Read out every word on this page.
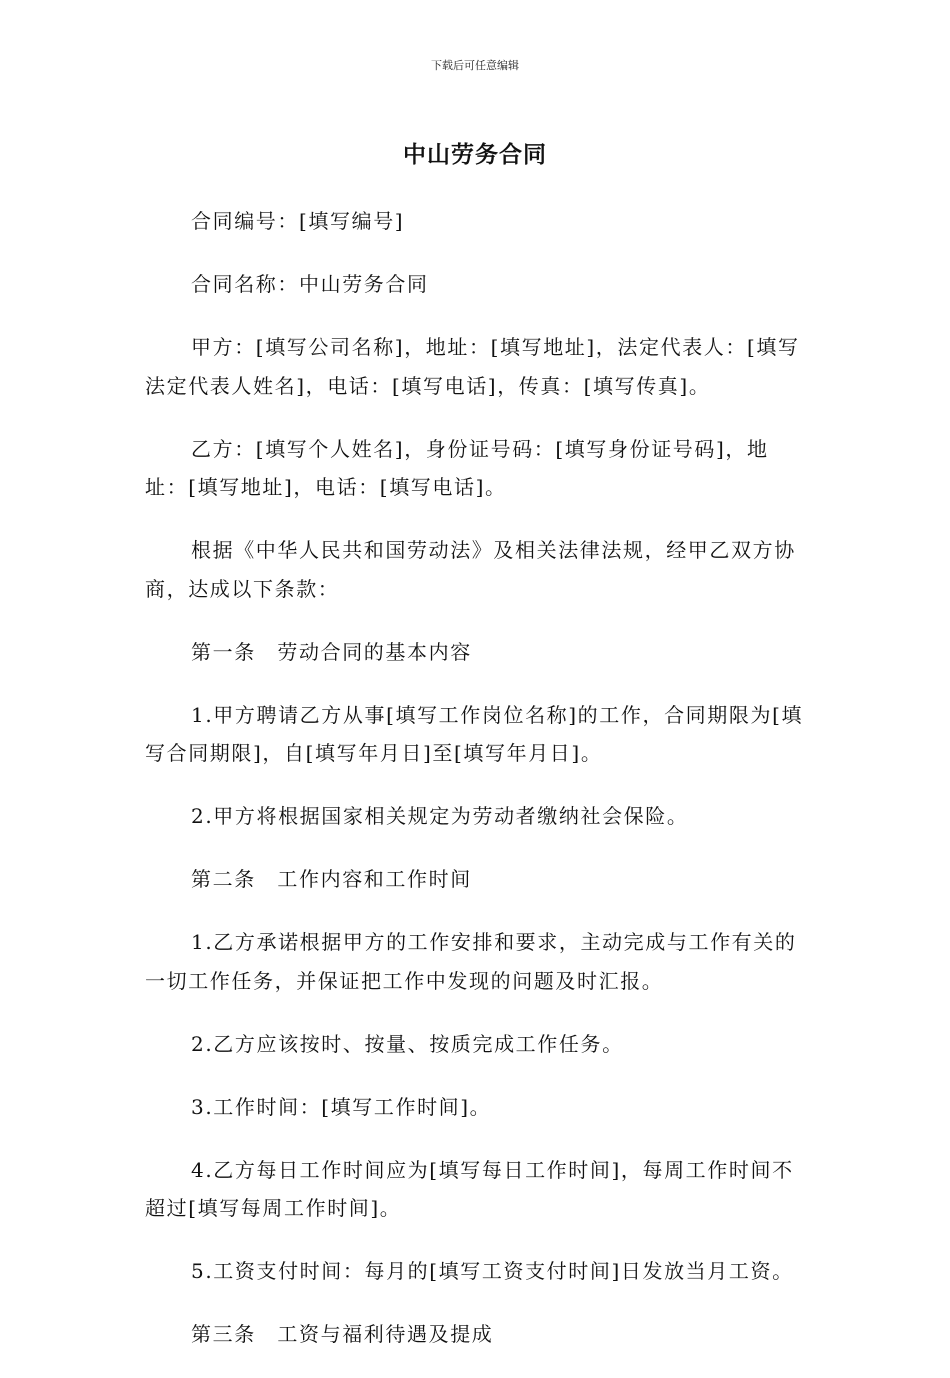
下载后可任意编辑
中山劳务合同

合同编号：[填写编号]

合同名称：中山劳务合同

甲方：[填写公司名称]，地址：[填写地址]，法定代表人：[填写法定代表人姓名]，电话：[填写电话]，传真：[填写传真]。

乙方：[填写个人姓名]，身份证号码：[填写身份证号码]，地址：[填写地址]，电话：[填写电话]。

根据《中华人民共和国劳动法》及相关法律法规，经甲乙双方协商，达成以下条款：

第一条　劳动合同的基本内容

1.甲方聘请乙方从事[填写工作岗位名称]的工作，合同期限为[填写合同期限]，自[填写年月日]至[填写年月日]。

2.甲方将根据国家相关规定为劳动者缴纳社会保险。

第二条　工作内容和工作时间

1.乙方承诺根据甲方的工作安排和要求，主动完成与工作有关的一切工作任务，并保证把工作中发现的问题及时汇报。

2.乙方应该按时、按量、按质完成工作任务。

3.工作时间：[填写工作时间]。

4.乙方每日工作时间应为[填写每日工作时间]，每周工作时间不超过[填写每周工作时间]。

5.工资支付时间：每月的[填写工资支付时间]日发放当月工资。

第三条　工资与福利待遇及提成
